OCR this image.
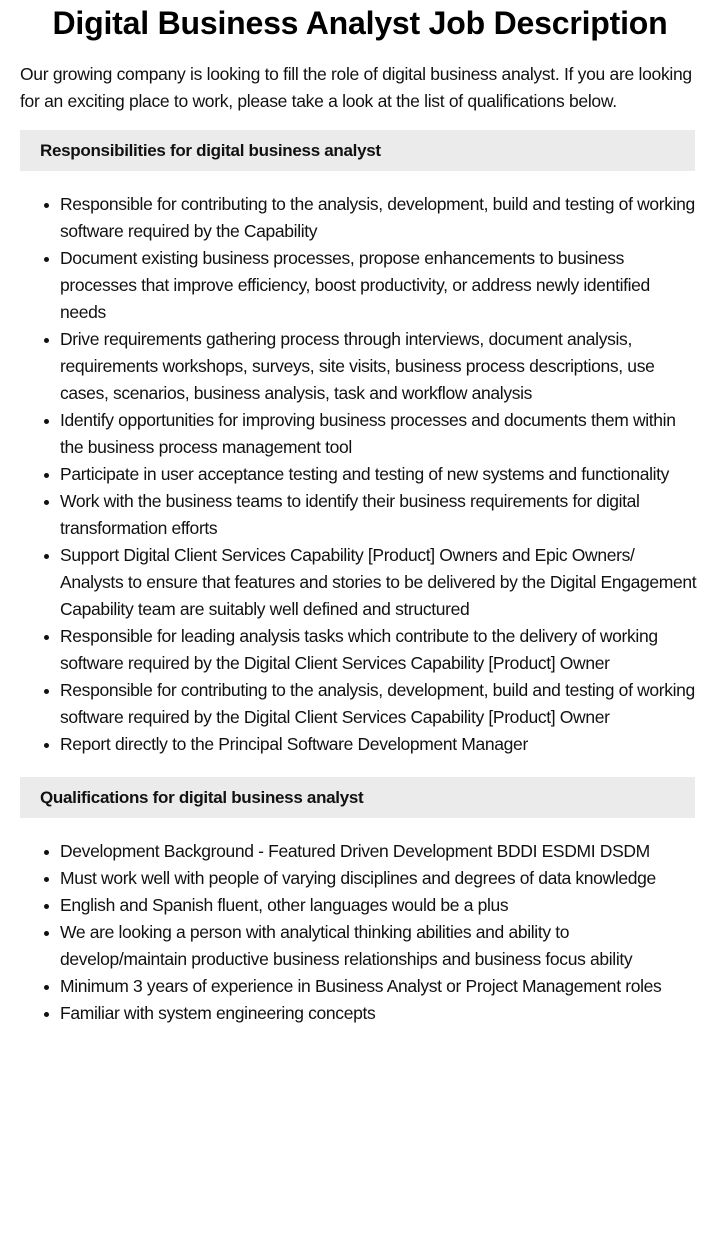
Digital Business Analyst Job Description

Our growing company is looking to fill the role of digital business analyst. If you are looking for an exciting place to work, please take a look at the list of qualifications below.

Responsibilities for digital business analyst
Responsible for contributing to the analysis, development, build and testing of working software required by the Capability
Document existing business processes, propose enhancements to business processes that improve efficiency, boost productivity, or address newly identified needs
Drive requirements gathering process through interviews, document analysis, requirements workshops, surveys, site visits, business process descriptions, use cases, scenarios, business analysis, task and workflow analysis
Identify opportunities for improving business processes and documents them within the business process management tool
Participate in user acceptance testing and testing of new systems and functionality
Work with the business teams to identify their business requirements for digital transformation efforts
Support Digital Client Services Capability [Product] Owners and Epic Owners/ Analysts to ensure that features and stories to be delivered by the Digital Engagement Capability team are suitably well defined and structured
Responsible for leading analysis tasks which contribute to the delivery of working software required by the Digital Client Services Capability [Product] Owner
Responsible for contributing to the analysis, development, build and testing of working software required by the Digital Client Services Capability [Product] Owner
Report directly to the Principal Software Development Manager
Qualifications for digital business analyst
Development Background - Featured Driven Development BDDI ESDMI DSDM
Must work well with people of varying disciplines and degrees of data knowledge
English and Spanish fluent, other languages would be a plus
We are looking a person with analytical thinking abilities and ability to develop/maintain productive business relationships and business focus ability
Minimum 3 years of experience in Business Analyst or Project Management roles
Familiar with system engineering concepts
